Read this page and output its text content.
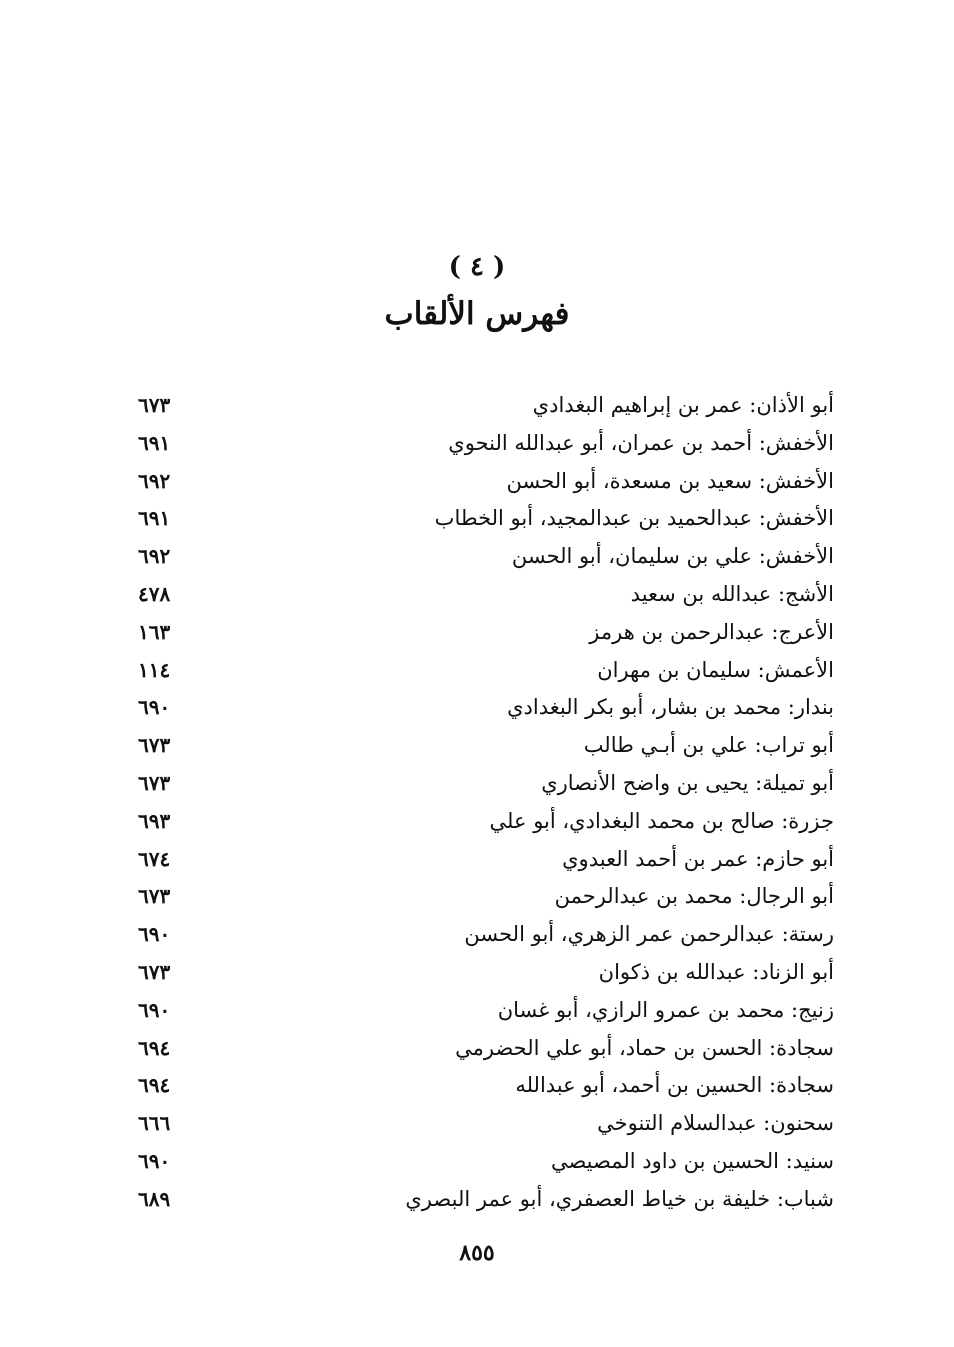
( ٤ )
فهرس الألقاب
أبو الأذان: عمر بن إبراهيم البغدادي
٦٧٣
الأخفش: أحمد بن عمران، أبو عبدالله النحوي
٦٩١
الأخفش: سعيد بن مسعدة، أبو الحسن
٦٩٢
الأخفش: عبدالحميد بن عبدالمجيد، أبو الخطاب
٦٩١
الأخفش: علي بن سليمان، أبو الحسن
٦٩٢
الأشج: عبدالله بن سعيد
٤٧٨
الأعرج: عبدالرحمن بن هرمز
١٦٣
الأعمش: سليمان بن مهران
١١٤
بندار: محمد بن بشار، أبو بكر البغدادي
٦٩٠
أبو تراب: علي بن أبـي طالب
٦٧٣
أبو تميلة: يحيى بن واضح الأنصاري
٦٧٣
جزرة: صالح بن محمد البغدادي، أبو علي
٦٩٣
أبو حازم: عمر بن أحمد العبدوي
٦٧٤
أبو الرجال: محمد بن عبدالرحمن
٦٧٣
رستة: عبدالرحمن عمر الزهري، أبو الحسن
٦٩٠
أبو الزناد: عبدالله بن ذكوان
٦٧٣
زنيج: محمد بن عمرو الرازي، أبو غسان
٦٩٠
سجادة: الحسن بن حماد، أبو علي الحضرمي
٦٩٤
سجادة: الحسين بن أحمد، أبو عبدالله
٦٩٤
سحنون: عبدالسلام التنوخي
٦٦٦
سنيد: الحسين بن داود المصيصي
٦٩٠
شباب: خليفة بن خياط العصفري، أبو عمر البصري
٦٨٩
٨٥٥
